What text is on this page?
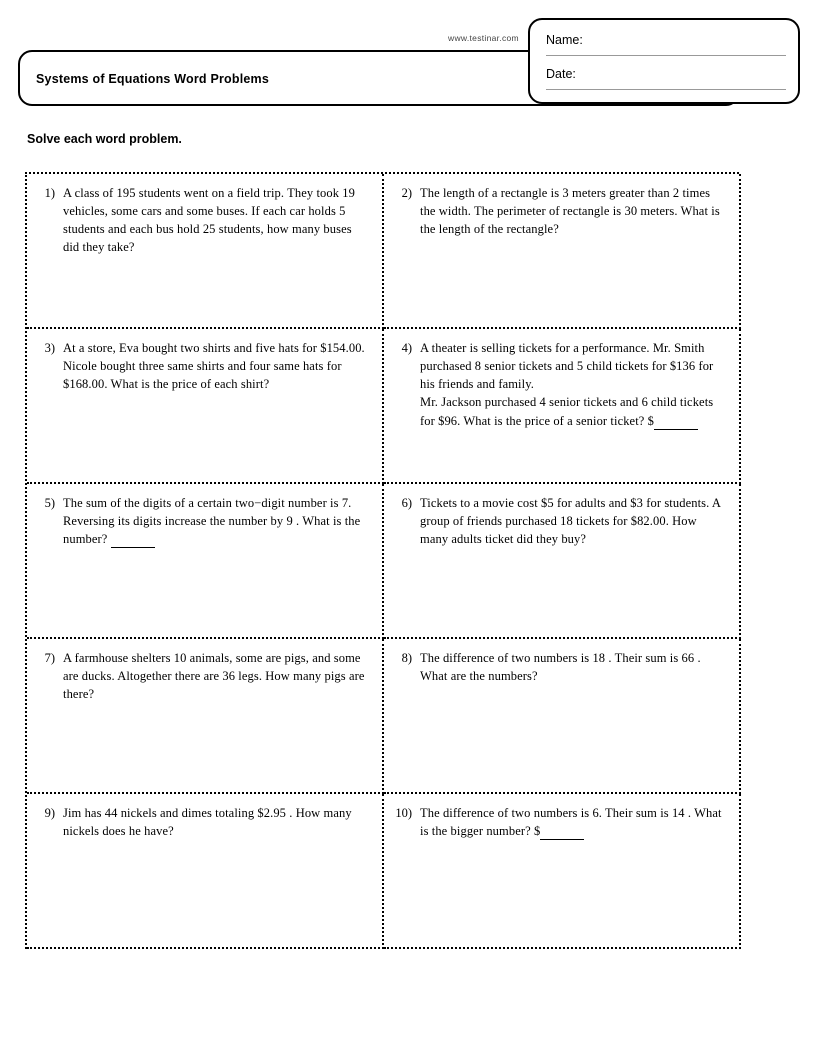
www.testinar.com
Systems of Equations Word Problems
Name:
Date:
Solve each word problem.
1) A class of 195 students went on a field trip. They took 19 vehicles, some cars and some buses. If each car holds 5 students and each bus hold 25 students, how many buses did they take?
2) The length of a rectangle is 3 meters greater than 2 times the width. The perimeter of rectangle is 30 meters. What is the length of the rectangle?
3) At a store, Eva bought two shirts and five hats for $154.00. Nicole bought three same shirts and four same hats for $168.00. What is the price of each shirt?
4) A theater is selling tickets for a performance. Mr. Smith purchased 8 senior tickets and 5 child tickets for $136 for his friends and family.
Mr. Jackson purchased 4 senior tickets and 6 child tickets for $96. What is the price of a senior ticket? $
5) The sum of the digits of a certain two−digit number is 7. Reversing its digits increase the number by 9 . What is the number?
6) Tickets to a movie cost $5 for adults and $3 for students. A group of friends purchased 18 tickets for $82.00. How many adults ticket did they buy?
7) A farmhouse shelters 10 animals, some are pigs, and some are ducks. Altogether there are 36 legs. How many pigs are there?
8) The difference of two numbers is 18 . Their sum is 66 . What are the numbers?
9) Jim has 44 nickels and dimes totaling $2.95 . How many nickels does he have?
10) The difference of two numbers is 6. Their sum is 14 . What is the bigger number? $
